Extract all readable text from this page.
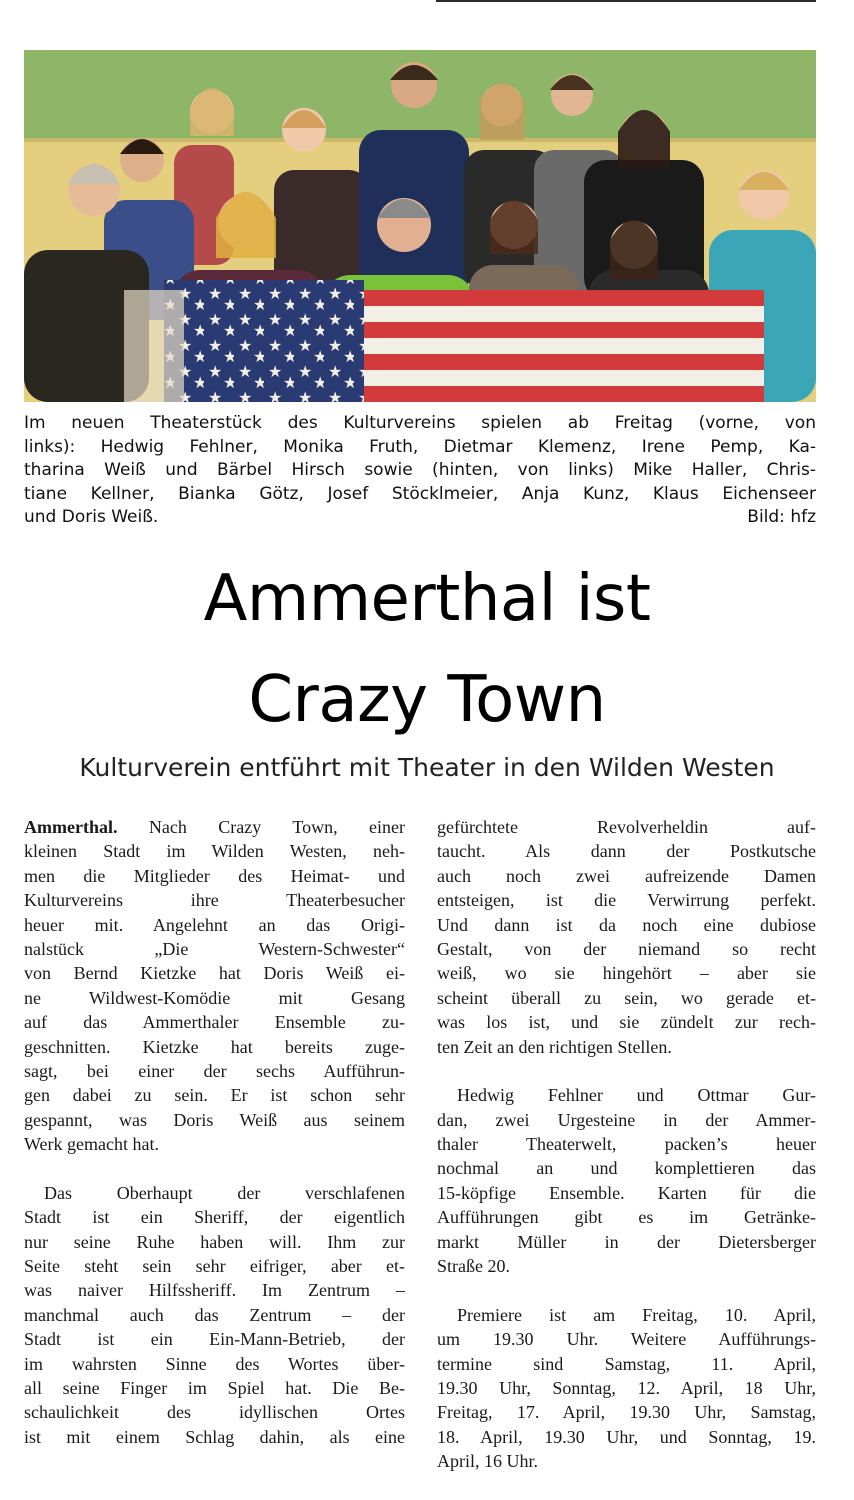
Im neuen Theaterstück des Kulturvereins spielen ab Freitag (vorne, von
links): Hedwig Fehlner, Monika Fruth, Dietmar Klemenz, Irene Pemp, Ka-
tharina Weiß und Bärbel Hirsch sowie (hinten, von links) Mike Haller, Chris-
tiane Kellner, Bianka Götz, Josef Stöcklmeier, Anja Kunz, Klaus Eichenseer
und Doris Weiß.	Bild: hfz
Ammerthal ist
Crazy Town
Kulturverein entführt mit Theater in den Wilden Westen
Ammerthal. Nach Crazy Town, einer
kleinen Stadt im Wilden Westen, neh-
men die Mitglieder des Heimat- und
Kulturvereins ihre Theaterbesucher
heuer mit. Angelehnt an das Origi-
nalstück „Die Western-Schwester“
von Bernd Kietzke hat Doris Weiß ei-
ne Wildwest-Komödie mit Gesang
auf das Ammerthaler Ensemble zu-
geschnitten. Kietzke hat bereits zuge-
sagt, bei einer der sechs Aufführun-
gen dabei zu sein. Er ist schon sehr
gespannt, was Doris Weiß aus seinem
Werk gemacht hat.
Das Oberhaupt der verschlafenen
Stadt ist ein Sheriff, der eigentlich
nur seine Ruhe haben will. Ihm zur
Seite steht sein sehr eifriger, aber et-
was naiver Hilfssheriff. Im Zentrum –
manchmal auch das Zentrum – der
Stadt ist ein Ein-Mann-Betrieb, der
im wahrsten Sinne des Wortes über-
all seine Finger im Spiel hat. Die Be-
schaulichkeit des idyllischen Ortes
ist mit einem Schlag dahin, als eine
gefürchtete Revolverheldin auf-
taucht. Als dann der Postkutsche
auch noch zwei aufreizende Damen
entsteigen, ist die Verwirrung perfekt.
Und dann ist da noch eine dubiose
Gestalt, von der niemand so recht
weiß, wo sie hingehört – aber sie
scheint überall zu sein, wo gerade et-
was los ist, und sie zündelt zur rech-
ten Zeit an den richtigen Stellen.
Hedwig Fehlner und Ottmar Gur-
dan, zwei Urgesteine in der Ammer-
thaler Theaterwelt, packen’s heuer
nochmal an und komplettieren das
15-köpfige Ensemble. Karten für die
Aufführungen gibt es im Getränke-
markt Müller in der Dietersberger
Straße 20.
Premiere ist am Freitag, 10. April,
um 19.30 Uhr. Weitere Aufführungs-
termine sind Samstag, 11. April,
19.30 Uhr, Sonntag, 12. April, 18 Uhr,
Freitag, 17. April, 19.30 Uhr, Samstag,
18. April, 19.30 Uhr, und Sonntag, 19.
April, 16 Uhr.
